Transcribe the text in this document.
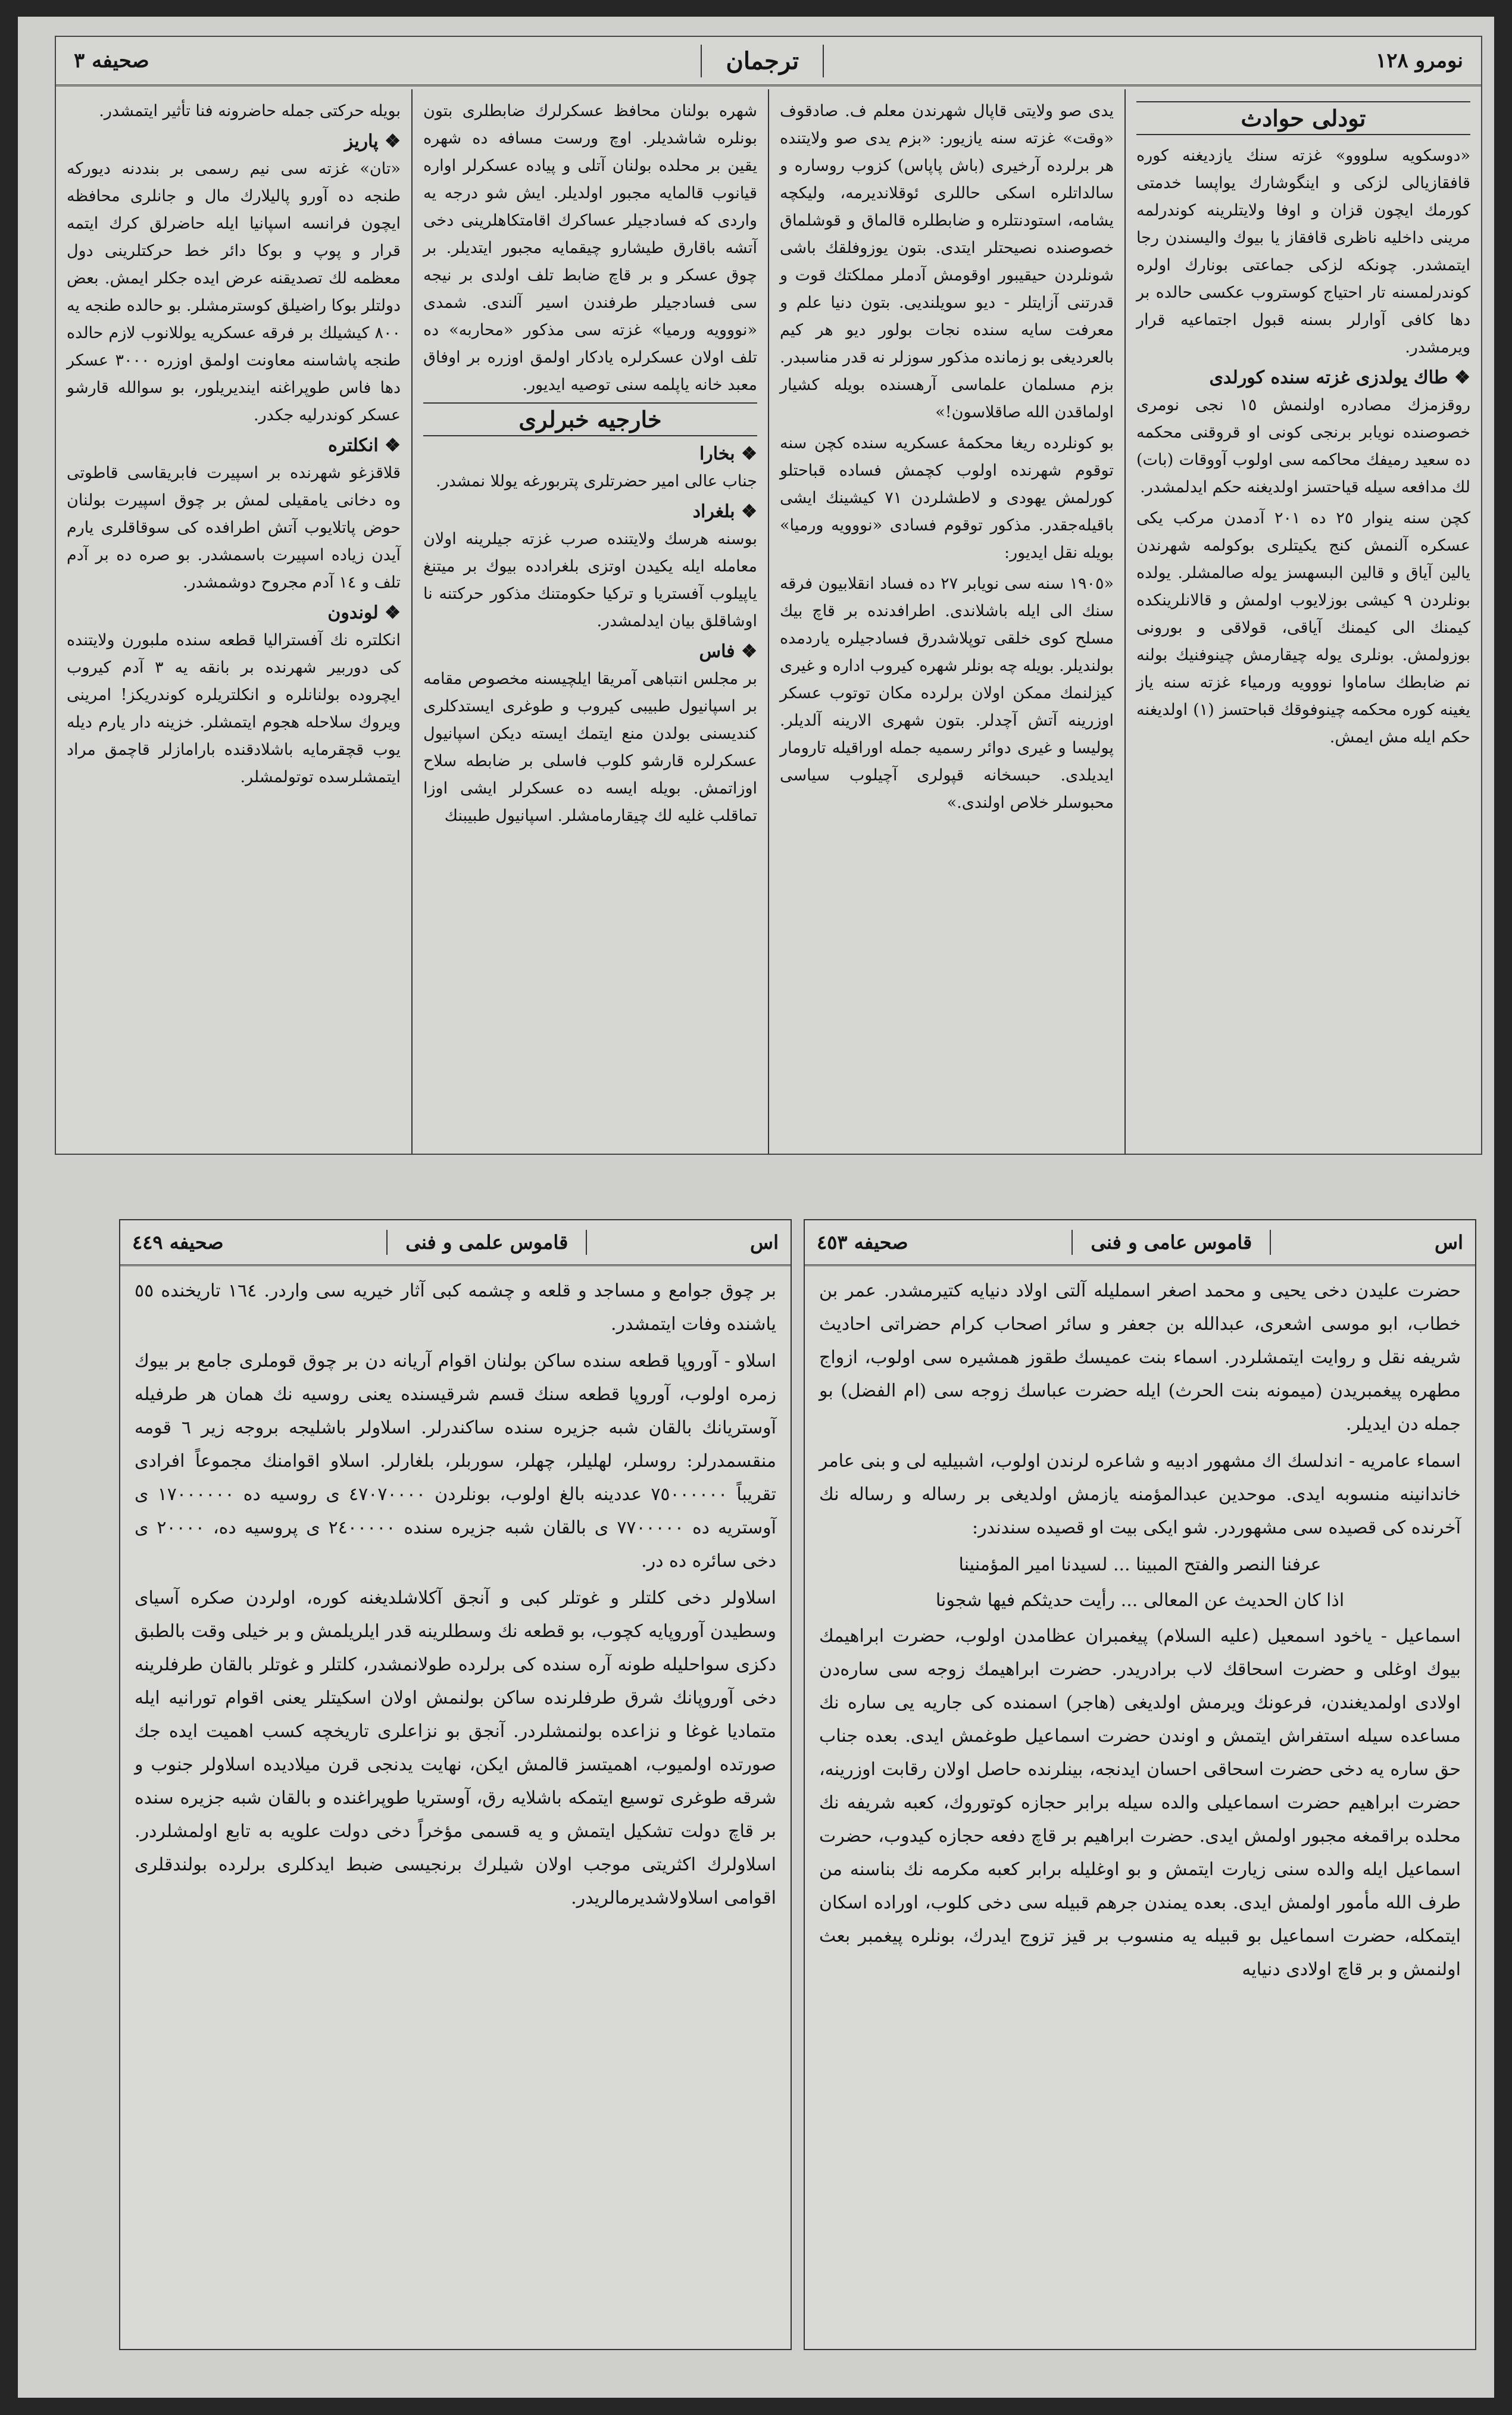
نومرو ۱۲۸
ترجمان
صحيفه ٣
تودلى حوادث

«دوسكويه سلووو» غزته سنك يازديغنه كوره قافقازيالى لزكى و اينگوشارك يواپسا خدمتى كورمك ايچون قزان و اوفا ولايتلرينه كوندرلمه مرينى داخليه ناظرى قافقاز يا بيوك واليسندن رجا ايتمشدر. چونكه لزكى جماعتى بونارك اولره كوندرلمسنه تار احتياج كوستروب عكسى حالده بر دها كافى آوارلر بسنه قبول اجتماعيه قرار ويرمشدر.

❖ طاك يولدزى غزته سنده كورلدى

روقزمزك مصادره اولنمش ١٥ نجى نومرى خصوصنده نويابر برنجى كونى او قروقنى محكمه ده سعيد رميفك محاكمه سى اولوب آووقات (بات) لك مدافعه سيله قياحتسز اولديغنه حكم ايدلمشدر.

كچن سنه ينوار ٢٥ ده ٢٠١ آدمدن مركب يكى عسكره آلنمش كنج يكيتلرى بوكولمه شهرندن يالين آياق و قالين البسهسز يوله صالمشلر. يولده بونلردن ٩ كيشى بوزلايوب اولمش و قالانلرينكده كيمنك الى كيمنك آياقى، قولاقى و بورونى بوزولمش. بونلرى يوله چيقارمش چينوفنيك بولنه نم ضابطك ساماوا نووويه ورمياء غزته سنه ياز يغينه كوره محكمه چينوفوقك قباحتسز (١) اولديغنه حكم ايله مش ايمش.

يدى صو ولايتى قاپال شهرندن معلم ف. صادقوف «وقت» غزته سنه يازيور: «بزم يدى صو ولايتنده هر برلرده آرخيرى (باش پاپاس) كزوب روساره و سالداتلره اسكى حاللرى ئوقلانديرمه، وليكچه يشامه، استودنتلره و ضابطلره قالماق و قوشلماق خصوصنده نصيحتلر ايتدى. بتون يوزوفلقك باشى شونلردن حيقيبور اوقومش آدملر مملكتك قوت و قدرتنى آزايتلر - ديو سويلنديى. بتون دنيا علم و معرفت سايه سنده نجات بولور ديو هر كيم بالعرديغى بو زمانده مذكور سوزلر نه قدر مناسبدر. بزم مسلمان علماسى آرهسنده بويله كشيار اولماقدن الله صاقلاسون!»

بو كونلرده ريغا محكمهٔ عسكريه سنده كچن سنه توقوم شهرنده اولوب كچمش فساده قباحتلو كورلمش يهودى و لاطشلردن ٧١ كيشينك ايشى باقيلەجقدر. مذكور توقوم فسادى «نووويه ورميا» بويله نقل ايديور:

«١٩٠٥ سنه سى نويابر ٢٧ ده فساد انقلابيون فرقه سنك الى ايله باشلاندى. اطرافدنده بر قاچ بيك مسلح كوى خلقى توپلاشدرق فسادجيلره ياردمده بولنديلر. بويله چه بونلر شهره كيروب اداره و غيرى كيزلنمك ممكن اولان برلرده مكان توتوب عسكر اوزرينه آتش آچدلر. بتون شهرى الارينه آلديلر. پوليسا و غيرى دوائر رسميه جمله اوراقيله تارومار ايديلدى. حبسخانه قپولرى آچيلوب سياسى محبوسلر خلاص اولندى.»

شهره بولنان محافظ عسكرلرك ضابطلرى بتون بونلره شاشديلر. اوچ ورست مسافه ده شهره يقين بر محلده بولنان آتلى و پياده عسكرلر اواره قيانوب قالمايه مجبور اولديلر. ايش شو درجه يه واردى كه فسادجيلر عساكرك اقامتكاهلرينى دخى آتشه باقارق طيشارو چيقمايه مجبور ايتديلر. بر چوق عسكر و بر قاچ ضابط تلف اولدى بر نيجه سى فسادجيلر طرفندن اسير آلندى. شمدى «نووويه ورميا» غزته سى مذكور «محاربه» ده تلف اولان عسكرلره يادكار اولمق اوزره بر اوفاق معبد خانه ياپلمه سنى توصيه ايديور.

خارجيه خبرلرى
❖ بخارا

جناب عالى امير حضرتلرى پتربورغه يوللا نمشدر.

❖ بلغراد

بوسنه هرسك ولايتنده صرب غزته جيلرينه اولان معامله ايله يكيدن اوتزى بلغرادده بيوك بر ميتنغ ياپيلوب آفستريا و تركيا حكومتنك مذكور حركتنه نا اوشاقلق بيان ايدلمشدر.

❖ فاس

بر مجلس انتباهى آمريقا ايلچيسنه مخصوص مقامه بر اسپانيول طبيبى كيروب و طوغرى ايستدكلرى كنديسنى بولدن منع ايتمك ايسته ديكن اسپانيول عسكرلره قارشو كلوب فاسلى بر ضابطه سلاح اوزاتمش. بويله ايسه ده عسكرلر ايشى اوزا تماقلب غليه لك چيقارمامشلر. اسپانيول طبيبنك

بويله حركتى جمله حاضرونه فنا تأثير ايتمشدر.

❖ پاريز

«تان» غزته سى نيم رسمى بر بنددنه ديوركه طنجه ده آورو پاليلارك مال و جانلرى محافظه ايچون فرانسه اسپانيا ايله حاضرلق كرك ايتمه قرار و پوپ و بوكا دائر خط حركتلرينى دول معظمه لك تصديقنه عرض ايده جكلر ايمش. بعض دولتلر بوكا راضيلق كوسترمشلر. بو حالده طنجه يه ٨٠٠ كيشيلك بر فرقه عسكريه يوللانوب لازم حالده طنجه پاشاسنه معاونت اولمق اوزره ٣٠٠٠ عسكر دها فاس طوپراغنه اينديريلور، بو سوالله قارشو عسكر كوندرليه جكدر.

❖ انكلتره

قلاقزغو شهرنده بر اسپيرت فابريقاسى قاطوتى وه دخانى يامقيلى لمش بر چوق اسپيرت بولنان حوض پاتلايوب آتش اطرافده كى سوقاقلرى يارم آيدن زياده اسپيرت باسمشدر. بو صره ده بر آدم تلف و ١٤ آدم مجروح دوشمشدر.

❖ لوندون

انكلتره نك آفستراليا قطعه سنده ملبورن ولايتنده كى دوربير شهرنده بر بانقه يه ٣ آدم كيروب ايچروده بولنانلره و انكلتريلره كوندريكز! امرينى ويروك سلاحله هجوم ايتمشلر. خزينه دار يارم ديله يوب قچقرمايه باشلادقنده بارامازلر قاچمق مراد ايتمشلرسده توتولمشلر.

اس
قاموس علمى و فنى
صحيفه ٤٤٩

بر چوق جوامع و مساجد و قلعه و چشمه كبى آثار خيريه سى واردر. ١٦٤ تاريخنده ٥٥ ياشنده وفات ايتمشدر.

اسلاو - آوروپا قطعه سنده ساكن بولنان اقوام آريانه دن بر چوق قوملرى جامع بر بيوك زمره اولوب، آوروپا قطعه سنك قسم شرقيسنده يعنى روسيه نك همان هر طرفيله آوستريانك بالقان شبه جزيره سنده ساكندرلر. اسلاولر باشليجه بروجه زير ٦ قومه منقسمدرلر: روسلر، لهليلر، چهلر، سوربلر، بلغارلر. اسلاو اقوامنك مجموعاً افرادى تقريباً ٧٥٠٠٠٠٠٠ عددينه بالغ اولوب، بونلردن ٤٧٠٧٠٠٠٠ ى روسيه ده ١٧٠٠٠٠٠٠ ى آوستريه ده ٧٧٠٠٠٠٠ ى بالقان شبه جزيره سنده ٢٤٠٠٠٠٠ ى پروسيه ده، ٢٠٠٠٠ ى دخى سائره ده در.

اسلاولر دخى كلتلر و غوتلر كبى و آنجق آكلاشلديغنه كوره، اولردن صكره آسياى وسطيدن آوروپايه كچوب، بو قطعه نك وسطلرينه قدر ايلريلمش و بر خيلى وقت بالطبق دكزى سواحليله طونه آره سنده كى برلرده طولانمشدر، كلتلر و غوتلر بالقان طرفلرينه دخى آوروپانك شرق طرفلرنده ساكن بولنمش اولان اسكيتلر يعنى اقوام تورانيه ايله متماديا غوغا و نزاعده بولنمشلردر. آنجق بو نزاعلرى تاريخچه كسب اهميت ايده جك صورتده اولميوب، اهميتسز قالمش ايكن، نهايت يدنجى قرن ميلاديده اسلاولر جنوب و شرقه طوغرى توسيع ايتمكه باشلايه رق، آوستريا طوپراغنده و بالقان شبه جزيره سنده بر قاچ دولت تشكيل ايتمش و يه قسمى مؤخراً دخى دولت علويه به تابع اولمشلردر. اسلاولرك اكثريتى موجب اولان شيلرك برنجيسى ضبط ايدكلرى برلرده بولندقلرى اقوامى اسلاولاشديرمالريدر.

اس
قاموس عامى و فنى
صحيفه ٤٥٣

حضرت عليدن دخى يحيى و محمد اصغر اسمليله آلتى اولاد دنيايه كتيرمشدر. عمر بن خطاب، ابو موسى اشعرى، عبدالله بن جعفر و سائر اصحاب كرام حضراتى احاديث شريفه نقل و روايت ايتمشلردر. اسماء بنت عميسك طقوز همشيره سى اولوب، ازواج مطهره پيغمبريدن (ميمونه بنت الحرث) ايله حضرت عباسك زوجه سى (ام الفضل) بو جمله دن ايديلر.

اسماء عامريه - اندلسك اك مشهور ادبيه و شاعره لرندن اولوب، اشبيليه لى و بنى عامر خاندانينه منسوبه ايدى. موحدين عبدالمؤمنه يازمش اولديغى بر رساله و رساله نك آخرنده كى قصيده سى مشهوردر. شو ايكى بيت او قصيده سندندر:

عرفنا النصر والفتح المبينا ... لسيدنا امير المؤمنينا

اذا كان الحديث عن المعالى ... رأيت حديثكم فيها شجونا

اسماعيل - ياخود اسمعيل (عليه السلام) پيغمبران عظامدن اولوب، حضرت ابراهيمك بيوك اوغلى و حضرت اسحاقك لاب برادريدر. حضرت ابراهيمك زوجه سى سارەدن اولادى اولمديغندن، فرعونك ويرمش اولديغى (هاجر) اسمنده كى جاريه يى ساره نك مساعده سيله استفراش ايتمش و اوندن حضرت اسماعيل طوغمش ايدى. بعده جناب حق ساره يه دخى حضرت اسحاقى احسان ايدنجه، بينلرنده حاصل اولان رقابت اوزرينه، حضرت ابراهيم حضرت اسماعيلى والده سيله برابر حجازه كوتوروك، كعبه شريفه نك محلده براقمغه مجبور اولمش ايدى. حضرت ابراهيم بر قاچ دفعه حجازه كيدوب، حضرت اسماعيل ايله والده سنى زيارت ايتمش و بو اوغليله برابر كعبه مكرمه نك بناسنه من طرف الله مأمور اولمش ايدى. بعده يمندن جرهم قبيله سى دخى كلوب، اوراده اسكان ايتمكله، حضرت اسماعيل بو قبيله يه منسوب بر قيز تزوج ايدرك، بونلره پيغمبر بعث اولنمش و بر قاچ اولادى دنيايه
